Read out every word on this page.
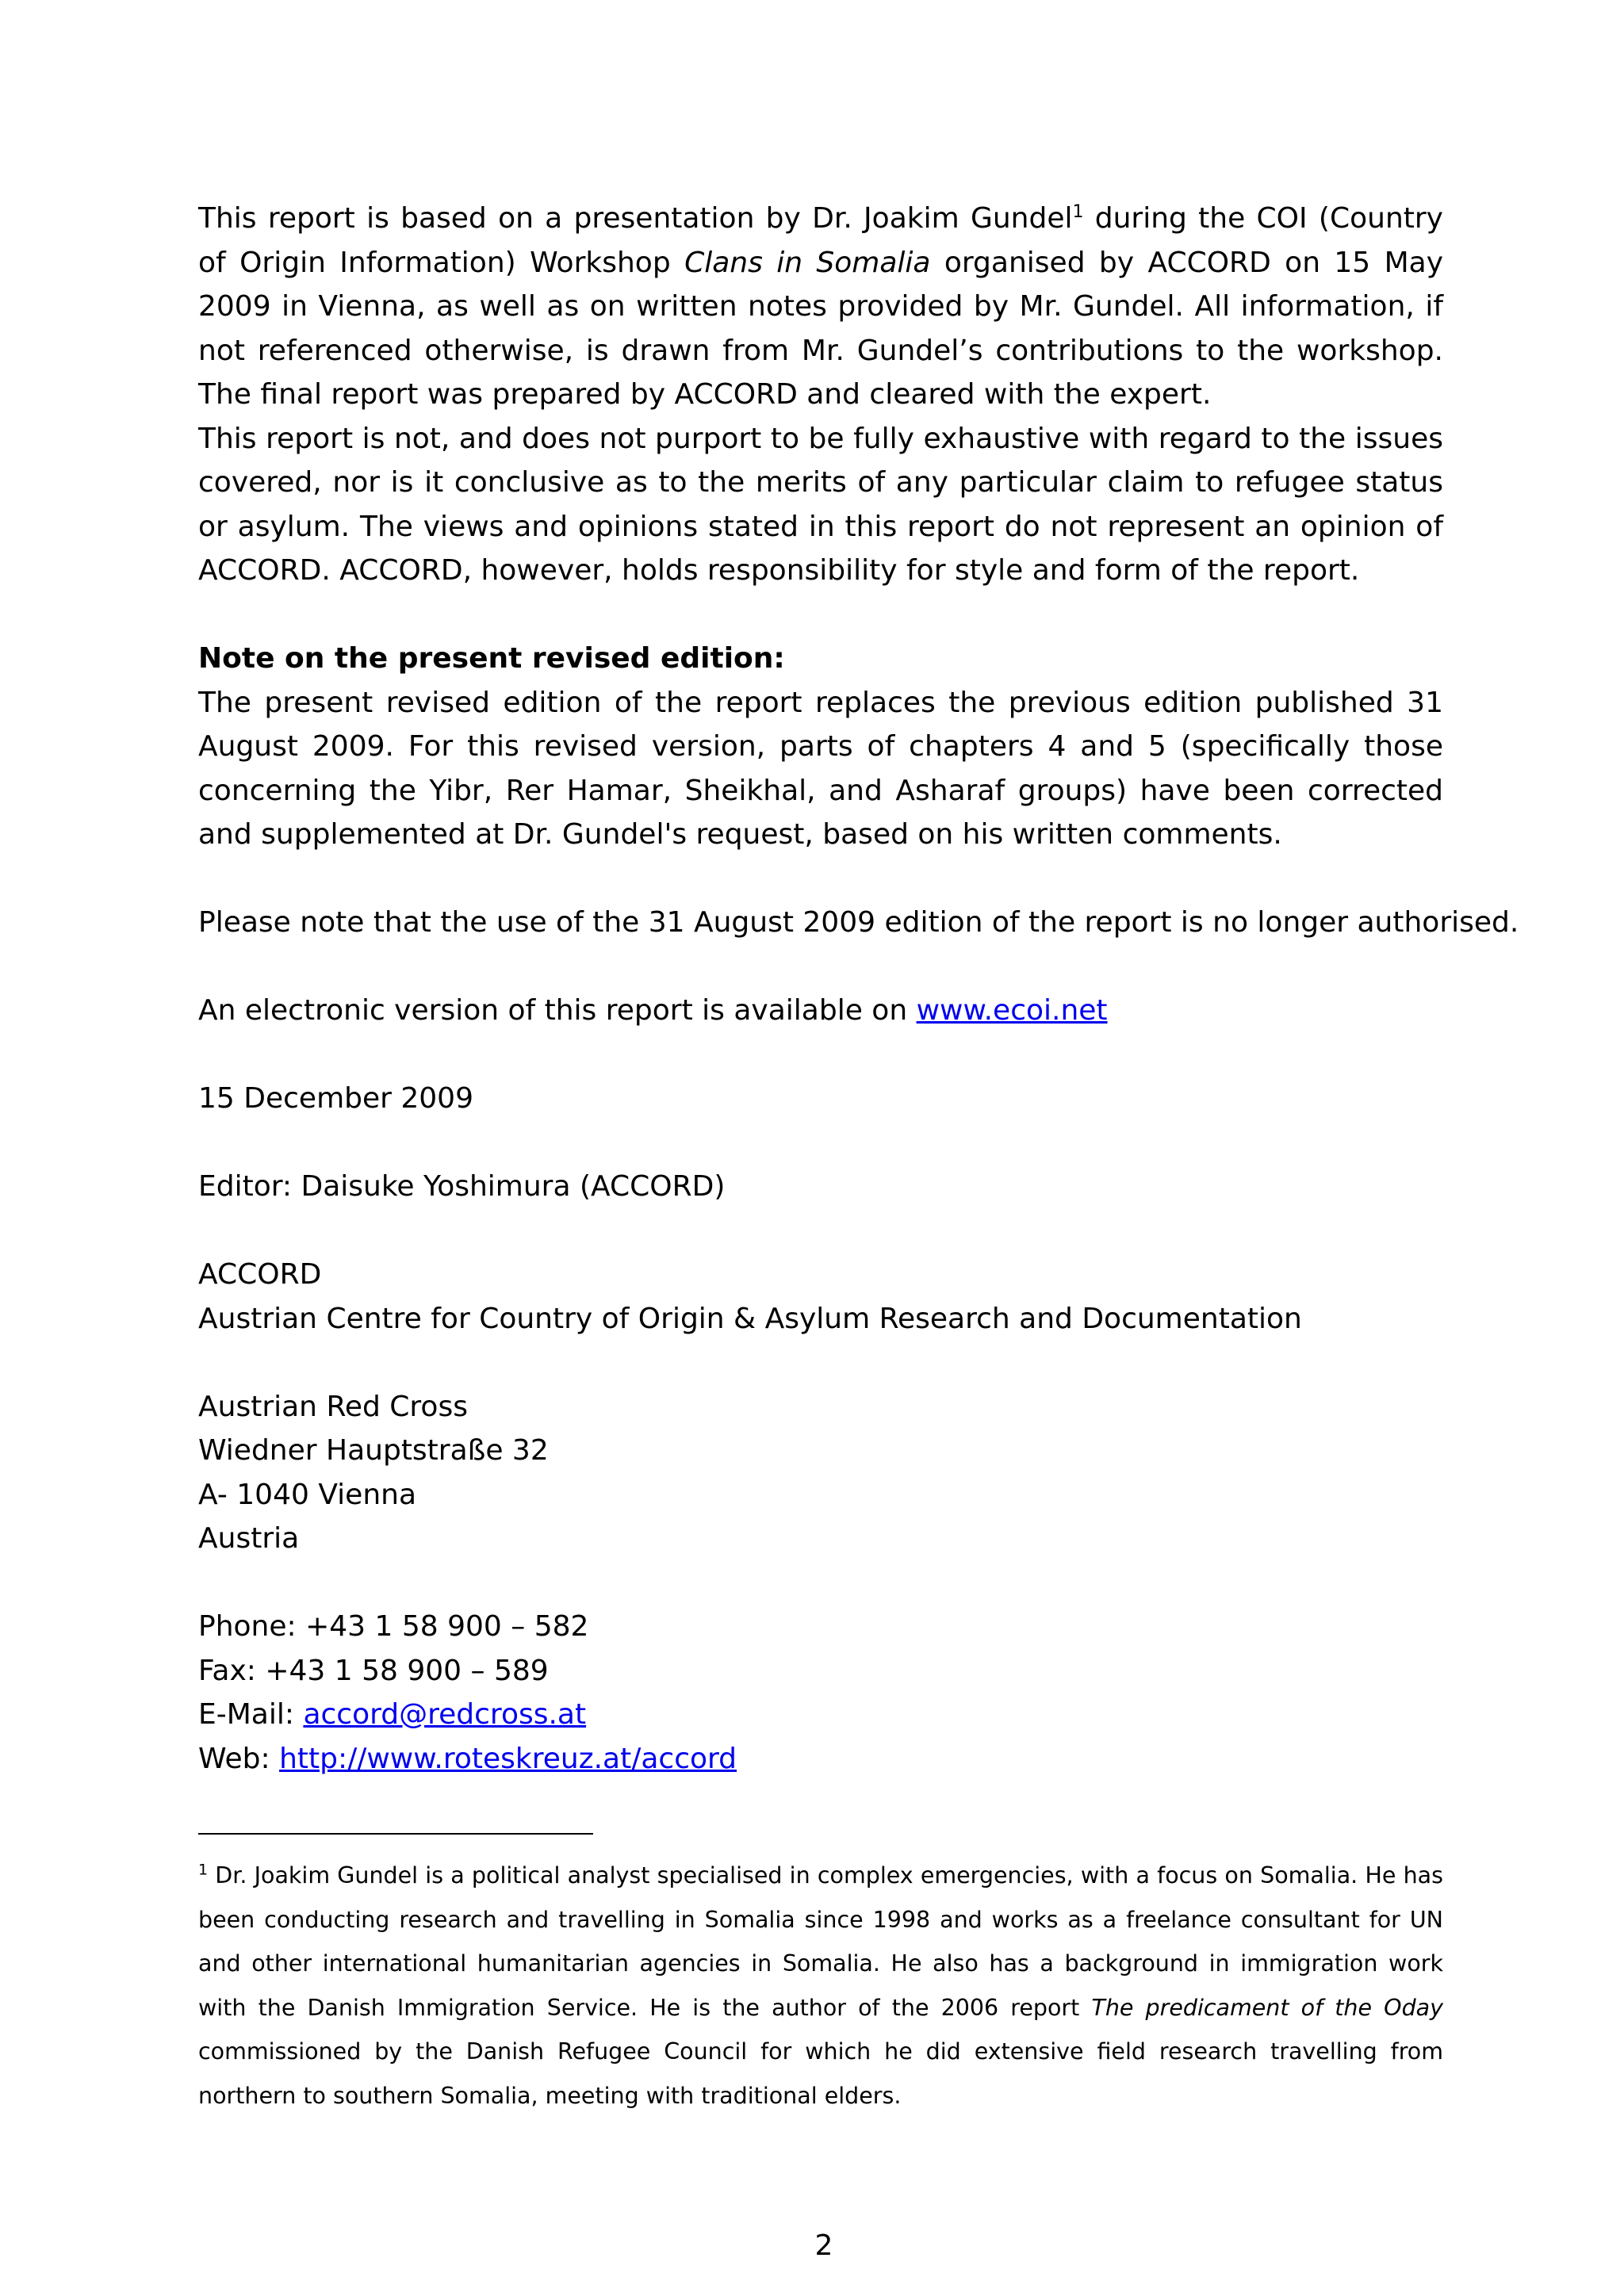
This report is based on a presentation by Dr. Joakim Gundel$^1$ during the COI (Country of Origin Information) Workshop Clans in Somalia organised by ACCORD on 15 May 2009 in Vienna, as well as on written notes provided by Mr. Gundel. All information, if not referenced otherwise, is drawn from Mr. Gundel’s contributions to the workshop. The final report was prepared by ACCORD and cleared with the expert.

This report is not, and does not purport to be fully exhaustive with regard to the issues covered, nor is it conclusive as to the merits of any particular claim to refugee status or asylum. The views and opinions stated in this report do not represent an opinion of ACCORD. ACCORD, however, holds responsibility for style and form of the report.

Note on the present revised edition:

The present revised edition of the report replaces the previous edition published 31 August 2009. For this revised version, parts of chapters 4 and 5 (specifically those concerning the Yibr, Rer Hamar, Sheikhal, and Asharaf groups) have been corrected and supplemented at Dr. Gundel's request, based on his written comments.

Please note that the use of the 31 August 2009 edition of the report is no longer authorised.

An electronic version of this report is available on www.ecoi.net

15 December 2009

Editor: Daisuke Yoshimura (ACCORD)

ACCORD

Austrian Centre for Country of Origin & Asylum Research and Documentation

Austrian Red Cross

Wiedner Hauptstraße 32

A- 1040 Vienna

Austria

Phone: +43 1 58 900 – 582

Fax: +43 1 58 900 – 589

E-Mail: accord@redcross.at

Web: http://www.roteskreuz.at/accord

$^1$ Dr. Joakim Gundel is a political analyst specialised in complex emergencies, with a focus on Somalia. He has been conducting research and travelling in Somalia since 1998 and works as a freelance consultant for UN and other international humanitarian agencies in Somalia. He also has a background in immigration work with the Danish Immigration Service. He is the author of the 2006 report The predicament of the Oday commissioned by the Danish Refugee Council for which he did extensive field research travelling from northern to southern Somalia, meeting with traditional elders.

2
